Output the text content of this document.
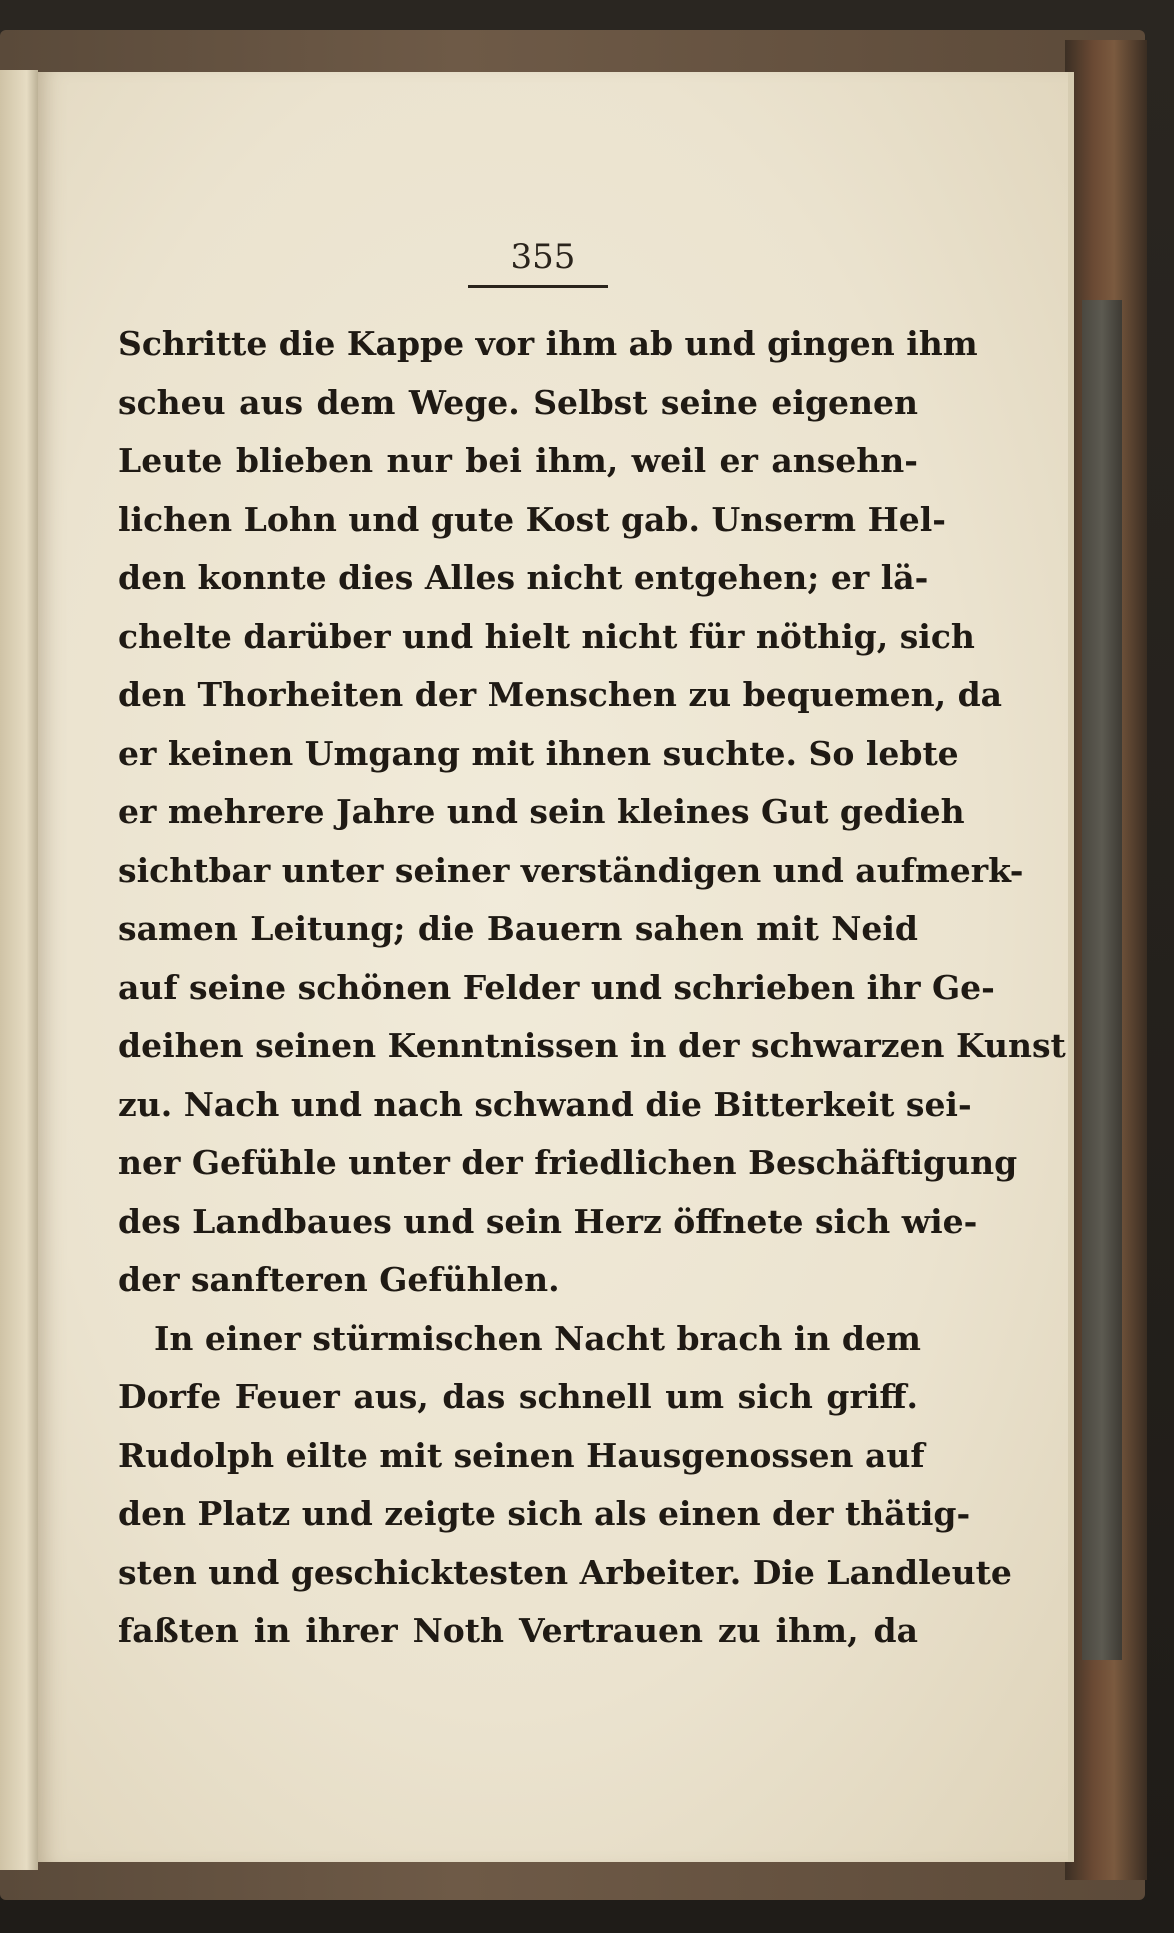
355
Schritte die Kappe vor ihm ab und gingen ihm
scheu aus dem Wege. Selbst seine eigenen
Leute blieben nur bei ihm, weil er ansehn-
lichen Lohn und gute Kost gab. Unserm Hel-
den konnte dies Alles nicht entgehen; er lä-
chelte darüber und hielt nicht für nöthig, sich
den Thorheiten der Menschen zu bequemen, da
er keinen Umgang mit ihnen suchte. So lebte
er mehrere Jahre und sein kleines Gut gedieh
sichtbar unter seiner verständigen und aufmerk-
samen Leitung; die Bauern sahen mit Neid
auf seine schönen Felder und schrieben ihr Ge-
deihen seinen Kenntnissen in der schwarzen Kunst
zu. Nach und nach schwand die Bitterkeit sei-
ner Gefühle unter der friedlichen Beschäftigung
des Landbaues und sein Herz öffnete sich wie-
der sanfteren Gefühlen.
In einer stürmischen Nacht brach in dem
Dorfe Feuer aus, das schnell um sich griff.
Rudolph eilte mit seinen Hausgenossen auf
den Platz und zeigte sich als einen der thätig-
sten und geschicktesten Arbeiter. Die Landleute
faßten in ihrer Noth Vertrauen zu ihm, da
